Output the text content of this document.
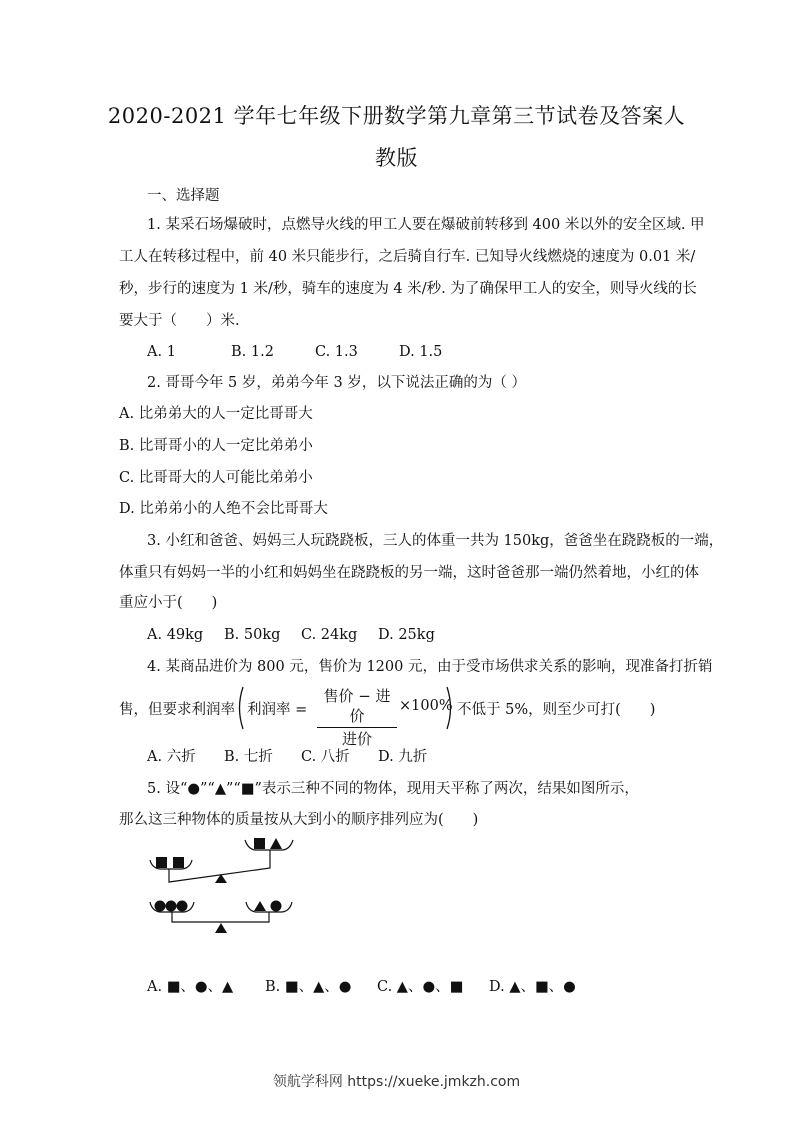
2020-2021 学年七年级下册数学第九章第三节试卷及答案人
教版
一、选择题
1. 某采石场爆破时，点燃导火线的甲工人要在爆破前转移到 400 米以外的安全区域. 甲
工人在转移过程中，前 40 米只能步行，之后骑自行车. 已知导火线燃烧的速度为 0.01 米/
秒，步行的速度为 1 米/秒，骑车的速度为 4 米/秒. 为了确保甲工人的安全，则导火线的长
要大于（　　）米.
A. 1	B. 1.2	C. 1.3	D. 1.5
2. 哥哥今年 5 岁，弟弟今年 3 岁，以下说法正确的为（ ）
A. 比弟弟大的人一定比哥哥大
B. 比哥哥小的人一定比弟弟小
C. 比哥哥大的人可能比弟弟小
D. 比弟弟小的人绝不会比哥哥大
3. 小红和爸爸、妈妈三人玩跷跷板，三人的体重一共为 150kg，爸爸坐在跷跷板的一端，
体重只有妈妈一半的小红和妈妈坐在跷跷板的另一端，这时爸爸那一端仍然着地，小红的体
重应小于(　　)
A. 49kg B. 50kg C. 24kg D. 25kg
4. 某商品进价为 800 元，售价为 1200 元，由于受市场供求关系的影响，现准备打折销
售，但要求利润率 利润率 =
售价 − 进价
进价
×100% 不低于 5%，则至少可打(　　)
A. 六折 B. 七折 C. 八折 D. 九折
5. 设“●”“▲”“■”表示三种不同的物体，现用天平称了两次，结果如图所示，
那么这三种物体的质量按从大到小的顺序排列应为(　　)
A. ■、●、▲ B. ■、▲、● C. ▲、●、■ D. ▲、■、●
领航学科网 https://xueke.jmkzh.com
